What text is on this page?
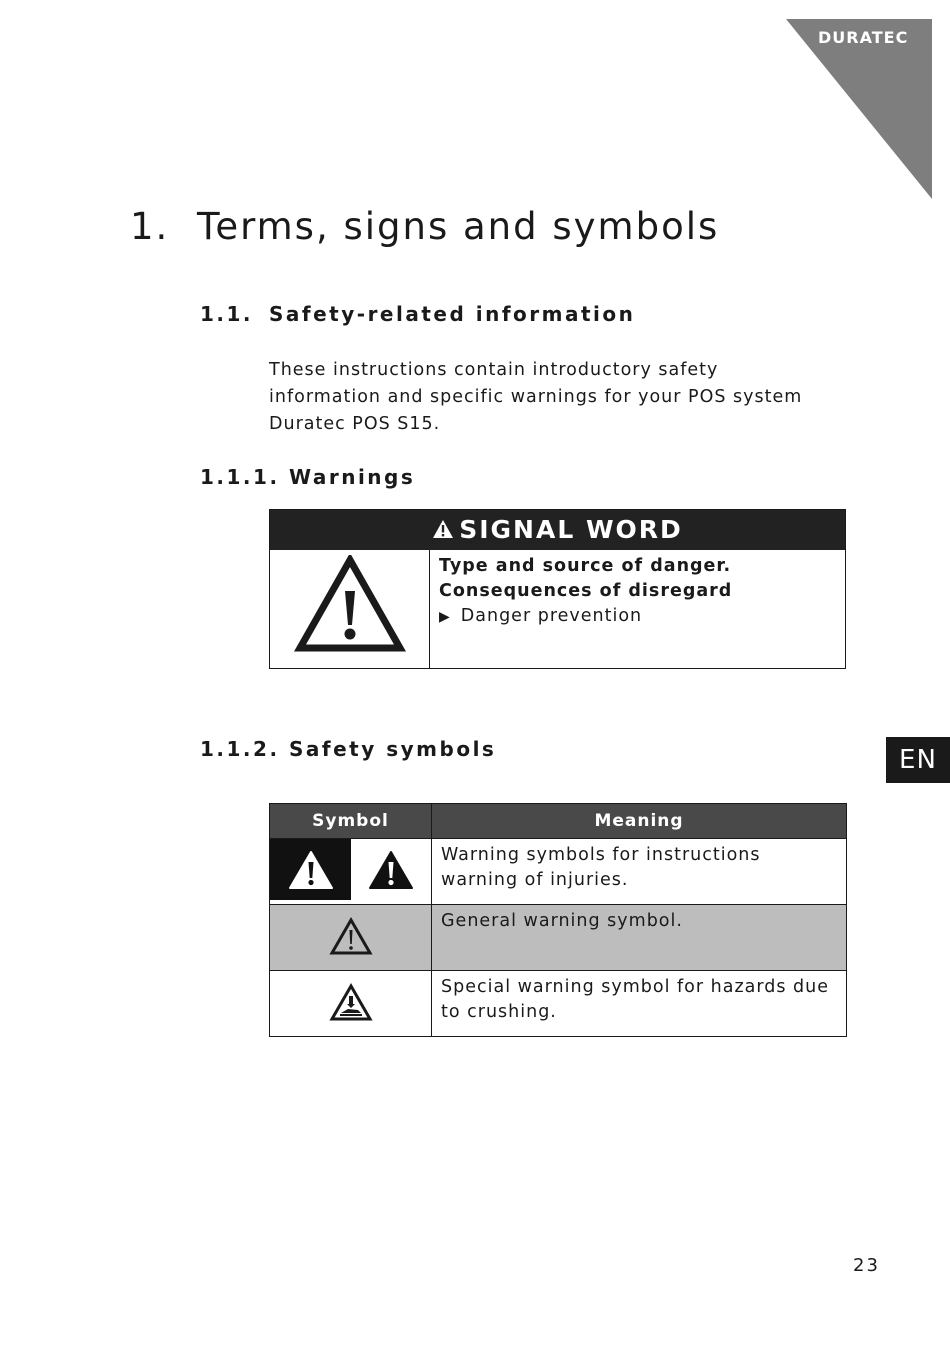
DURATEC
1. Terms, signs and symbols
1.1. Safety-related information
These instructions contain introductory safety
information and specific warnings for your POS system
Duratec POS S15.
1.1.1. Warnings
SIGNAL WORD
Type and source of danger.
Consequences of disregard
▶ Danger prevention
1.1.2. Safety symbols
Symbol	Meaning

Warning symbols for instructions
warning of injuries.

General warning symbol.

Special warning symbol for hazards due
to crushing.
EN
23
